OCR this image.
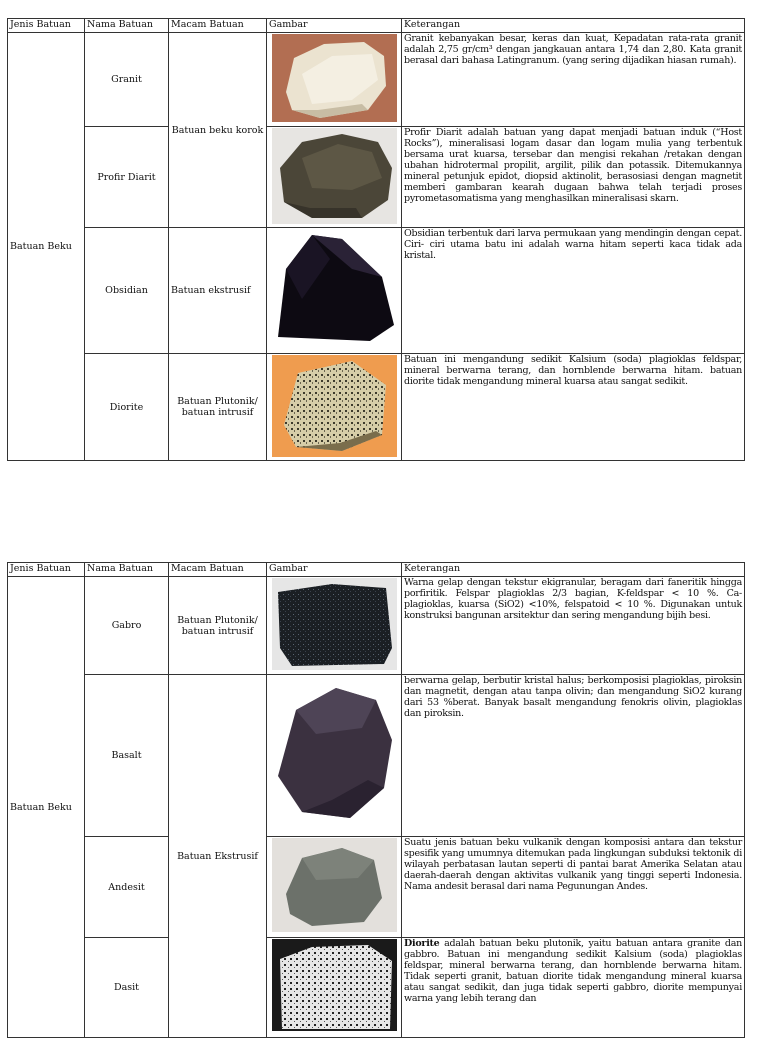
Jenis Batuan	Nama Batuan	Macam Batuan	Gambar	Keterangan
Batuan Beku	Granit	Batuan beku korok		Granit kebanyakan besar, keras dan kuat, Kepadatan rata-rata granit adalah 2,75 gr/cm³ dengan jangkauan antara 1,74 dan 2,80. Kata granit berasal dari bahasa Latingranum. (yang sering dijadikan hiasan rumah).
	Profir Diarit			Profir Diarit adalah batuan yang dapat menjadi batuan induk (“Host Rocks”), mineralisasi logam dasar dan logam mulia yang terbentuk bersama urat kuarsa, tersebar dan mengisi rekahan /retakan dengan ubahan hidrotermal propilit, argilit, pilik dan potassik. Ditemukannya mineral petunjuk epidot, diopsid aktinolit, berasosiasi dengan magnetit memberi gambaran kearah dugaan bahwa telah terjadi proses pyrometasomatisma yang menghasilkan mineralisasi skarn.
	Obsidian	Batuan ekstrusif		Obsidian terbentuk dari larva permukaan yang mendingin dengan cepat. Ciri- ciri utama batu ini adalah warna hitam seperti kaca tidak ada kristal.
	Diorite	Batuan Plutonik/ batuan intrusif		Batuan ini mengandung sedikit Kalsium (soda) plagioklas feldspar, mineral berwarna terang, dan hornblende berwarna hitam. batuan diorite tidak mengandung mineral kuarsa atau sangat sedikit.
Jenis Batuan	Nama Batuan	Macam Batuan	Gambar	Keterangan
Batuan Beku	Gabro	Batuan Plutonik/ batuan intrusif		Warna gelap dengan tekstur ekigranular, beragam dari faneritik hingga porfiritik. Felspar plagioklas 2/3 bagian, K-feldspar < 10 %. Ca- plagioklas, kuarsa (SiO2) <10%, felspatoid < 10 %. Digunakan untuk konstruksi bangunan arsitektur dan sering mengandung bijih besi.
	Basalt	Batuan Ekstrusif		berwarna gelap, berbutir kristal halus; berkomposisi plagioklas, piroksin dan magnetit, dengan atau tanpa olivin; dan mengandung SiO2 kurang dari 53 %berat. Banyak basalt mengandung fenokris olivin, plagioklas dan piroksin.
	Andesit			Suatu jenis batuan beku vulkanik dengan komposisi antara dan tekstur spesifik yang umumnya ditemukan pada lingkungan subduksi tektonik di wilayah perbatasan lautan seperti di pantai barat Amerika Selatan atau daerah-daerah dengan aktivitas vulkanik yang tinggi seperti Indonesia. Nama andesit berasal dari nama Pegunungan Andes.
	Dasit			Diorite adalah batuan beku plutonik, yaitu batuan antara granite dan gabbro. Batuan ini mengandung sedikit Kalsium (soda) plagioklas feldspar, mineral berwarna terang, dan hornblende berwarna hitam. Tidak seperti granit, batuan diorite tidak mengandung mineral kuarsa atau sangat sedikit, dan juga tidak seperti gabbro, diorite mempunyai warna yang lebih terang dan
